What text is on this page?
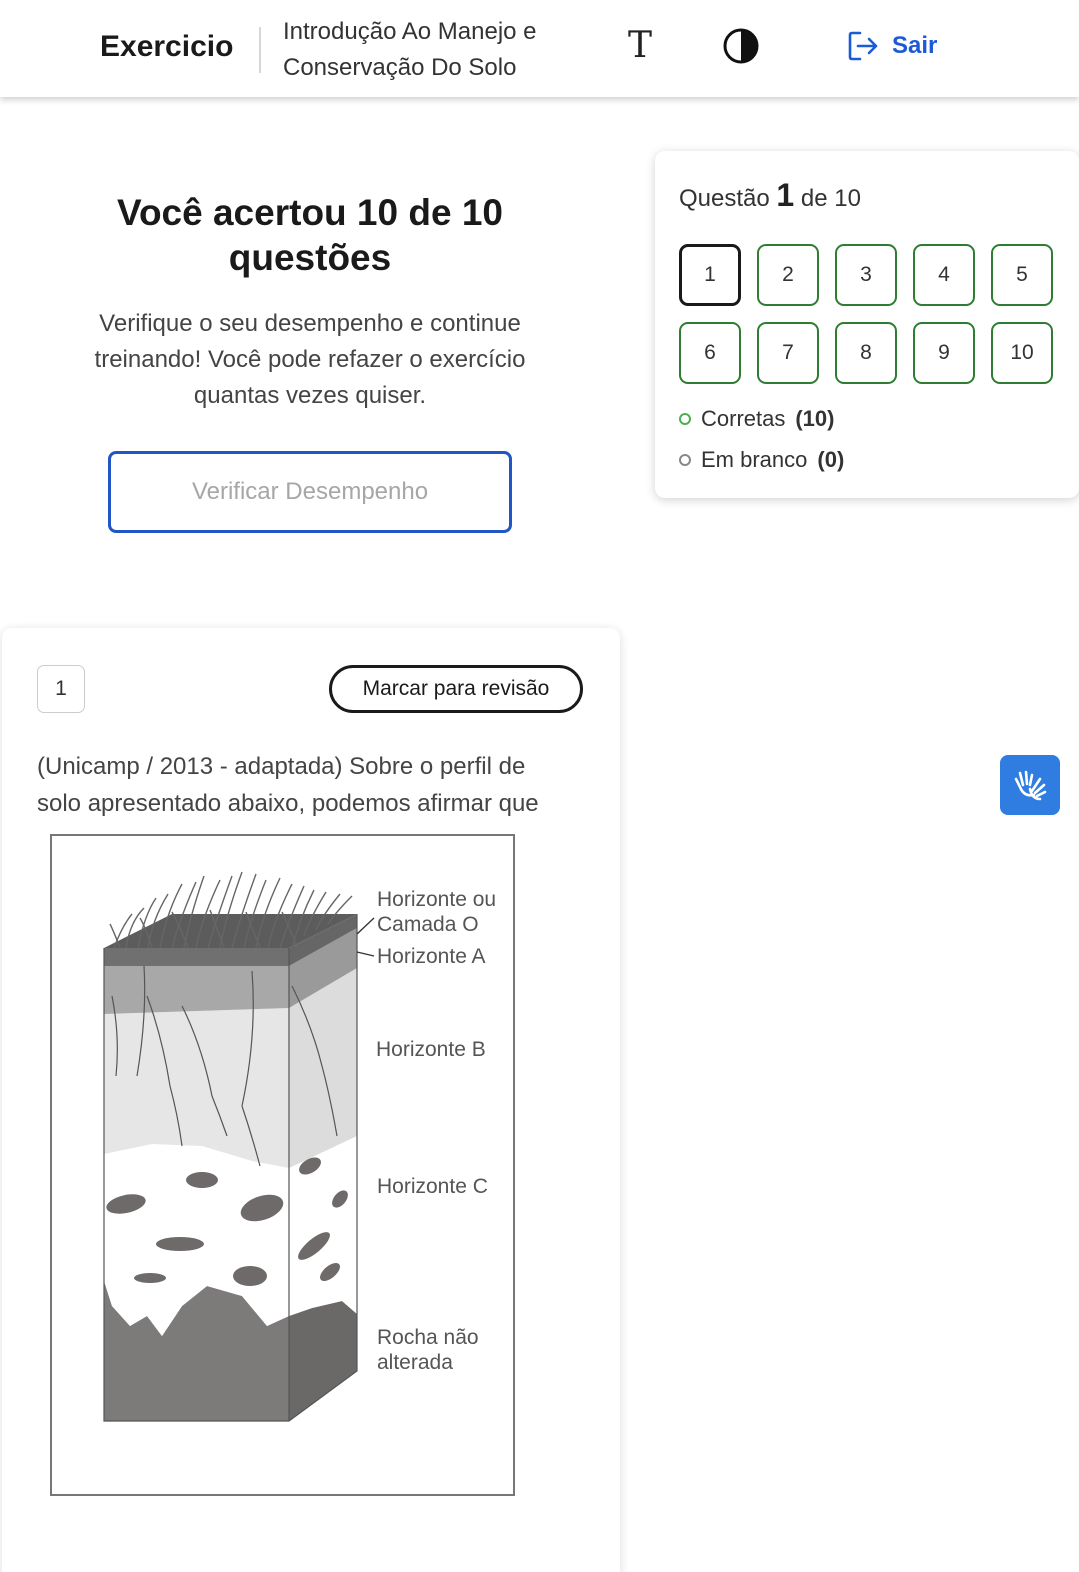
Exercicio Introdução Ao Manejo e
Conservação Do Solo
T	Sair
Você acertou 10 de 10
questões
Verifique o seu desempenho e continue
treinando! Você pode refazer o exercício
quantas vezes quiser.
Verificar Desempenho
Questão 1 de 10
1	2	3	4	5
6	7	8	9	10
Corretas (10)
Em branco (0)
1	Marcar para revisão
(Unicamp / 2013 - adaptada) Sobre o perfil de
solo apresentado abaixo, podemos afirmar que
Horizonte ou
Camada O
Horizonte A
Horizonte B
Horizonte C
Rocha não
alterada
